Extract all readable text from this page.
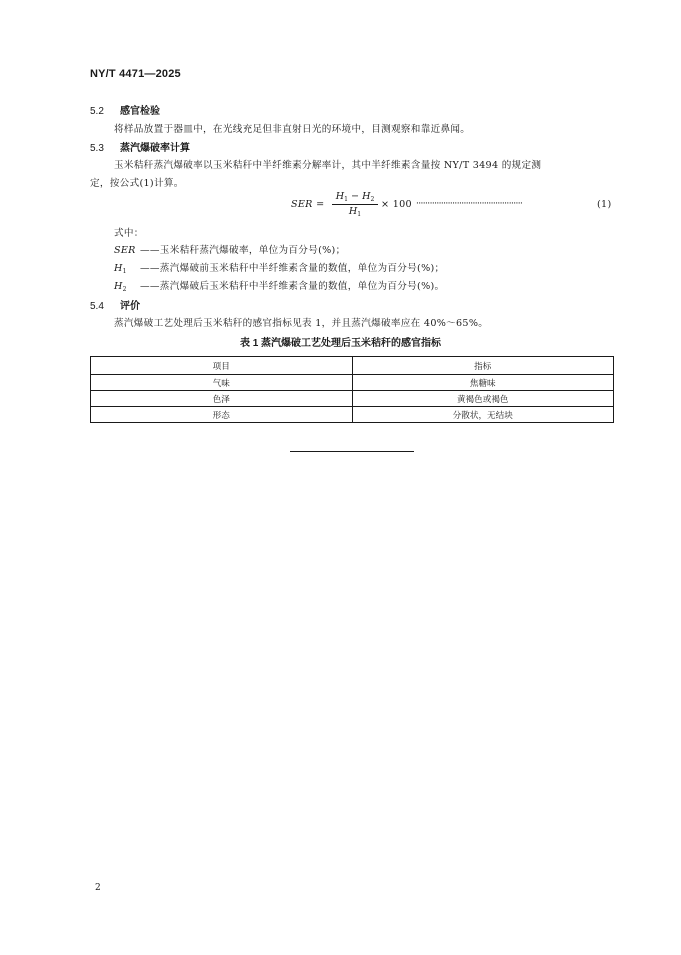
NY/T 4471—2025
5.2 感官检验
将样品放置于器皿中，在光线充足但非直射日光的环境中，目测观察和靠近鼻闻。
5.3 蒸汽爆破率计算
玉米秸秆蒸汽爆破率以玉米秸秆中半纤维素分解率计，其中半纤维素含量按 NY/T 3494 的规定测
定，按公式(1)计算。
SER =
$H_1 - H_2$
$H_1$
× 100 ···············································	(1)
式中：
SER ——玉米秸秆蒸汽爆破率，单位为百分号(%)；
$H_1$ ——蒸汽爆破前玉米秸秆中半纤维素含量的数值，单位为百分号(%)；
$H_2$ ——蒸汽爆破后玉米秸秆中半纤维素含量的数值，单位为百分号(%)。
5.4 评价
蒸汽爆破工艺处理后玉米秸秆的感官指标见表 1，并且蒸汽爆破率应在 40%～65%。
表 1 蒸汽爆破工艺处理后玉米秸秆的感官指标
项目	指标
气味	焦糖味
色泽	黄褐色或褐色
形态	分散状，无结块
2
